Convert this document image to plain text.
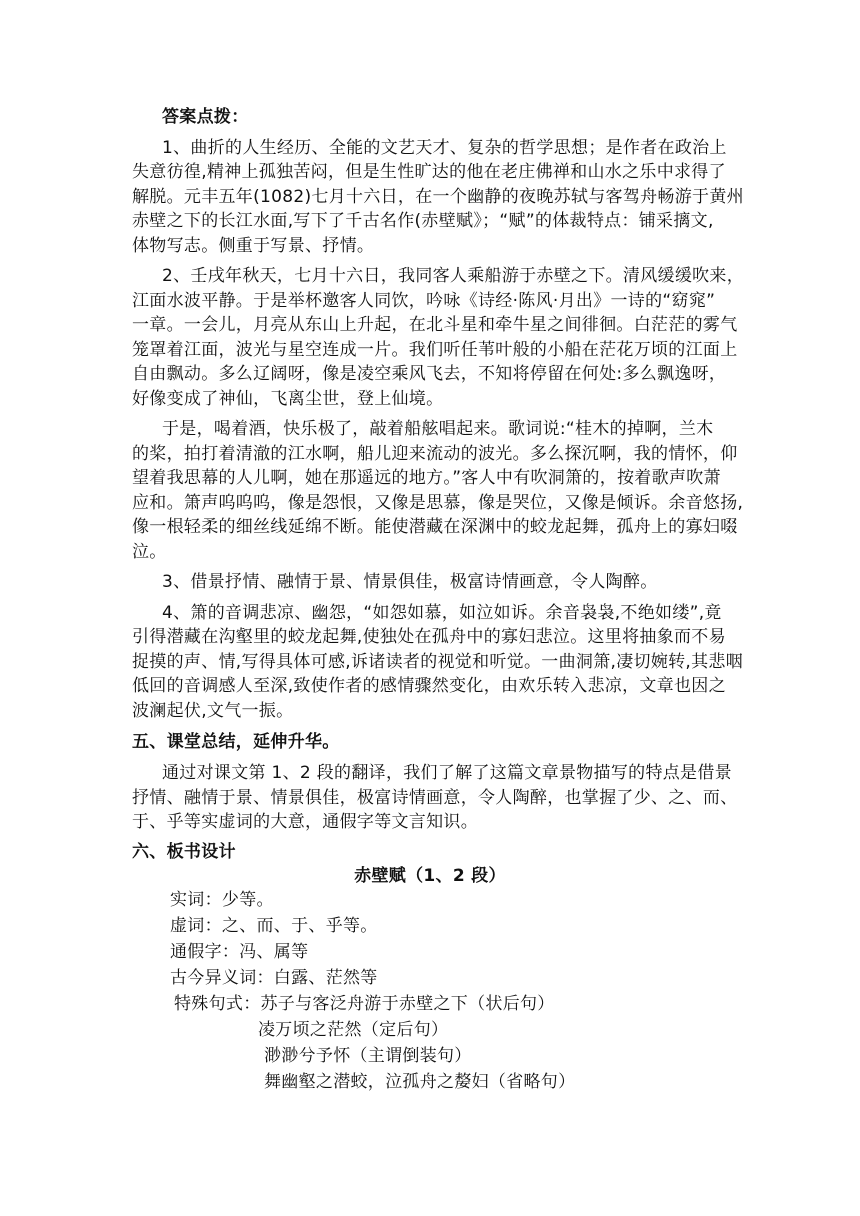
答案点拨：
1、曲折的人生经历、全能的文艺天才、复杂的哲学思想；是作者在政治上
失意彷徨,精神上孤独苦闷，但是生性旷达的他在老庄佛禅和山水之乐中求得了
解脱。元丰五年(1082)七月十六日，在一个幽静的夜晚苏轼与客驾舟畅游于黄州
赤壁之下的长江水面,写下了千古名作(赤壁赋》；“赋”的体裁特点：铺采摛文,
体物写志。侧重于写景、抒情。
2、壬戌年秋天，七月十六日，我同客人乘船游于赤壁之下。清风缓缓吹来，
江面水波平静。于是举杯邀客人同饮，吟咏《诗经·陈风·月出》一诗的“窈窕”
一章。一会儿，月亮从东山上升起，在北斗星和牵牛星之间徘徊。白茫茫的雾气
笼罩着江面，波光与星空连成一片。我们听任苇叶般的小船在茫花万顷的江面上
自由飘动。多么辽阔呀，像是凌空乘风飞去，不知将停留在何处:多么飘逸呀，
好像变成了神仙，飞离尘世，登上仙境。
于是，喝着酒，快乐极了，敲着船舷唱起来。歌词说:“桂木的掉啊，兰木
的桨，拍打着清澈的江水啊，船儿迎来流动的波光。多么探沉啊，我的情怀，仰
望着我思幕的人儿啊，她在那遥远的地方。”客人中有吹洞箫的，按着歌声吹萧
应和。箫声呜呜呜，像是怨恨，又像是思慕，像是哭位，又像是倾诉。余音悠扬,
像一根轻柔的细丝线延绵不断。能使潜藏在深渊中的蛟龙起舞，孤舟上的寡妇啜
泣。
3、借景抒情、融情于景、情景俱佳，极富诗情画意，令人陶醉。
4、箫的音调悲凉、幽怨，“如怨如慕，如泣如诉。余音袅袅,不绝如缕”,竟
引得潜藏在沟壑里的蛟龙起舞,使独处在孤舟中的寡妇悲泣。这里将抽象而不易
捉摸的声、情,写得具体可感,诉诸读者的视觉和听觉。一曲洞箫,凄切婉转,其悲咽
低回的音调感人至深,致使作者的感情骤然变化，由欢乐转入悲凉，文章也因之
波澜起伏,文气一振。
五、课堂总结，延伸升华。
通过对课文第 1、2 段的翻译，我们了解了这篇文章景物描写的特点是借景
抒情、融情于景、情景俱佳，极富诗情画意，令人陶醉，也掌握了少、之、而、
于、乎等实虚词的大意，通假字等文言知识。
六、板书设计
赤壁赋（1、2 段）
实词：少等。
虚词：之、而、于、乎等。
通假字：冯、属等
古今异义词：白露、茫然等
特殊句式：苏子与客泛舟游于赤壁之下（状后句）
凌万顷之茫然（定后句）
渺渺兮予怀（主谓倒装句）
舞幽壑之潜蛟，泣孤舟之嫠妇（省略句）
